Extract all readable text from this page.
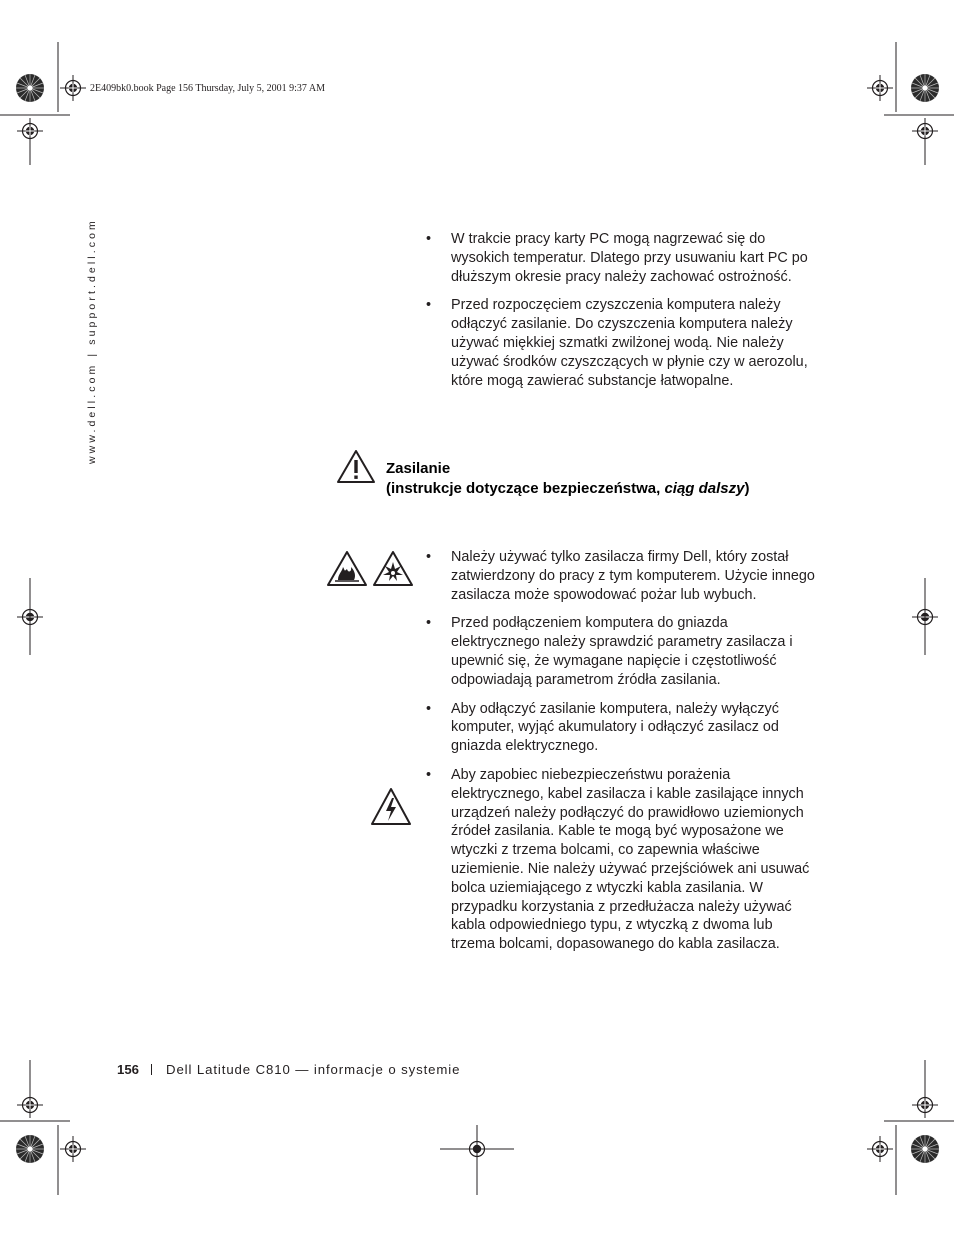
2E409bk0.book Page 156 Thursday, July 5, 2001 9:37 AM
www.dell.com | support.dell.com
•	W trakcie pracy karty PC mogą nagrzewać się do wysokich temperatur. Dlatego przy usuwaniu kart PC po dłuższym okresie pracy należy zachować ostrożność.
• Przed rozpoczęciem czyszczenia komputera należy odłączyć zasilanie. Do czyszczenia komputera należy używać miękkiej szmatki zwilżonej wodą. Nie należy używać środków czyszczących w płynie czy w aerozolu, które mogą zawierać substancje łatwopalne.
Zasilanie
(instrukcje dotyczące bezpieczeństwa, ciąg dalszy)
• Należy używać tylko zasilacza firmy Dell, który został zatwierdzony do pracy z tym komputerem. Użycie innego zasilacza może spowodować pożar lub wybuch.
• Przed podłączeniem komputera do gniazda elektrycznego należy sprawdzić parametry zasilacza i upewnić się, że wymagane napięcie i częstotliwość odpowiadają parametrom źródła zasilania.
• Aby odłączyć zasilanie komputera, należy wyłączyć komputer, wyjąć akumulatory i odłączyć zasilacz od gniazda elektrycznego.
• Aby zapobiec niebezpieczeństwu porażenia elektrycznego, kabel zasilacza i kable zasilające innych urządzeń należy podłączyć do prawidłowo uziemionych źródeł zasilania. Kable te mogą być wyposażone we wtyczki z trzema bolcami, co zapewnia właściwe uziemienie. Nie należy używać przejściówek ani usuwać bolca uziemiającego z wtyczki kabla zasilania. W przypadku korzystania z przedłużacza należy używać kabla odpowiedniego typu, z wtyczką z dwoma lub trzema bolcami, dopasowanego do kabla zasilacza.
156 Dell Latitude C810 — informacje o systemie
